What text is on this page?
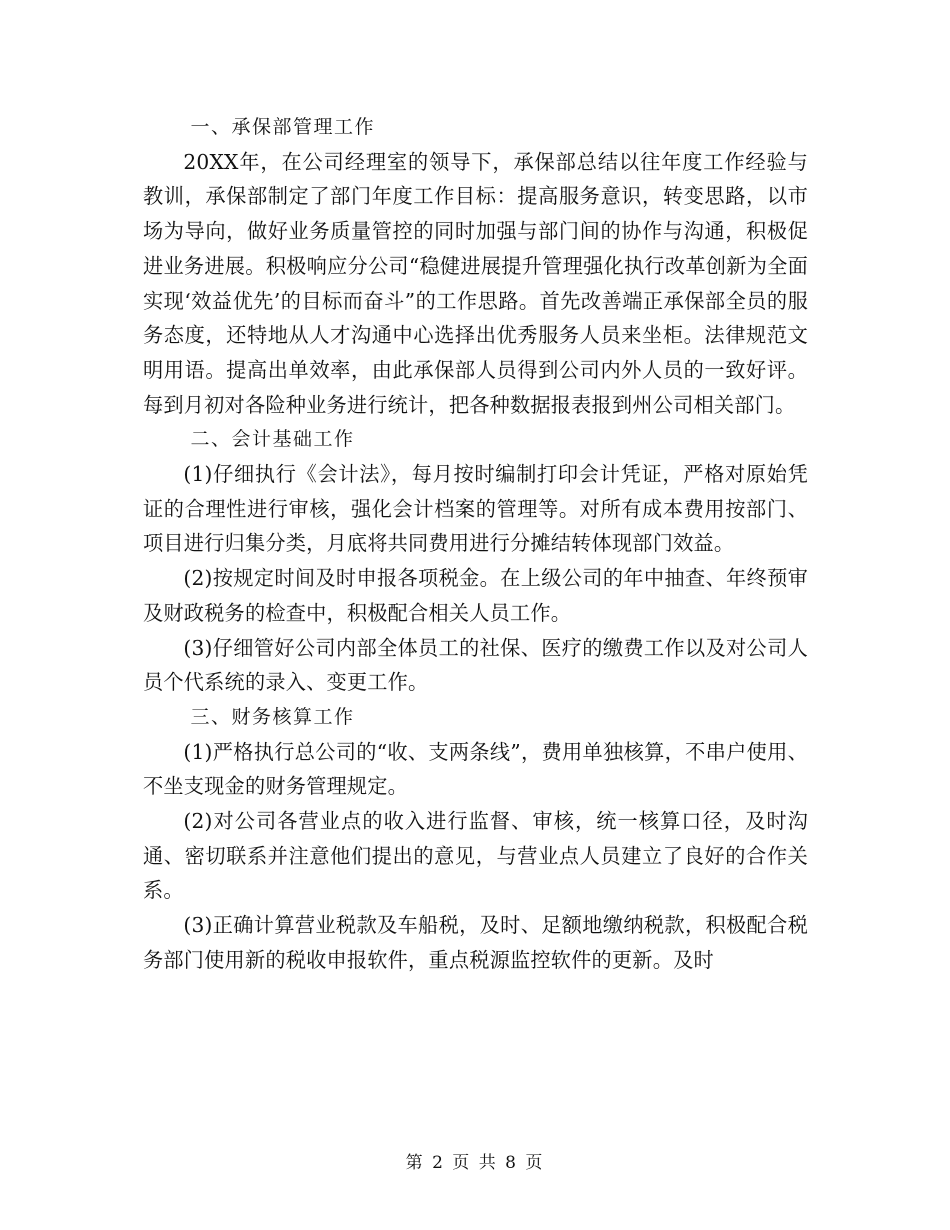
一、承保部管理工作

20XX年，在公司经理室的领导下，承保部总结以往年度工作经验与教训，承保部制定了部门年度工作目标：提高服务意识，转变思路，以市场为导向，做好业务质量管控的同时加强与部门间的协作与沟通，积极促进业务进展。积极响应分公司“稳健进展提升管理强化执行改革创新为全面实现‘效益优先’的目标而奋斗”的工作思路。首先改善端正承保部全员的服务态度，还特地从人才沟通中心选择出优秀服务人员来坐柜。法律规范文明用语。提高出单效率，由此承保部人员得到公司内外人员的一致好评。每到月初对各险种业务进行统计，把各种数据报表报到州公司相关部门。

二、会计基础工作

(1)仔细执行《会计法》，每月按时编制打印会计凭证，严格对原始凭证的合理性进行审核，强化会计档案的管理等。对所有成本费用按部门、项目进行归集分类，月底将共同费用进行分摊结转体现部门效益。

(2)按规定时间及时申报各项税金。在上级公司的年中抽查、年终预审及财政税务的检查中，积极配合相关人员工作。

(3)仔细管好公司内部全体员工的社保、医疗的缴费工作以及对公司人员个代系统的录入、变更工作。

三、财务核算工作

(1)严格执行总公司的“收、支两条线”，费用单独核算，不串户使用、不坐支现金的财务管理规定。

(2)对公司各营业点的收入进行监督、审核，统一核算口径，及时沟通、密切联系并注意他们提出的意见，与营业点人员建立了良好的合作关系。

(3)正确计算营业税款及车船税，及时、足额地缴纳税款，积极配合税务部门使用新的税收申报软件，重点税源监控软件的更新。及时

第 2 页 共 8 页
